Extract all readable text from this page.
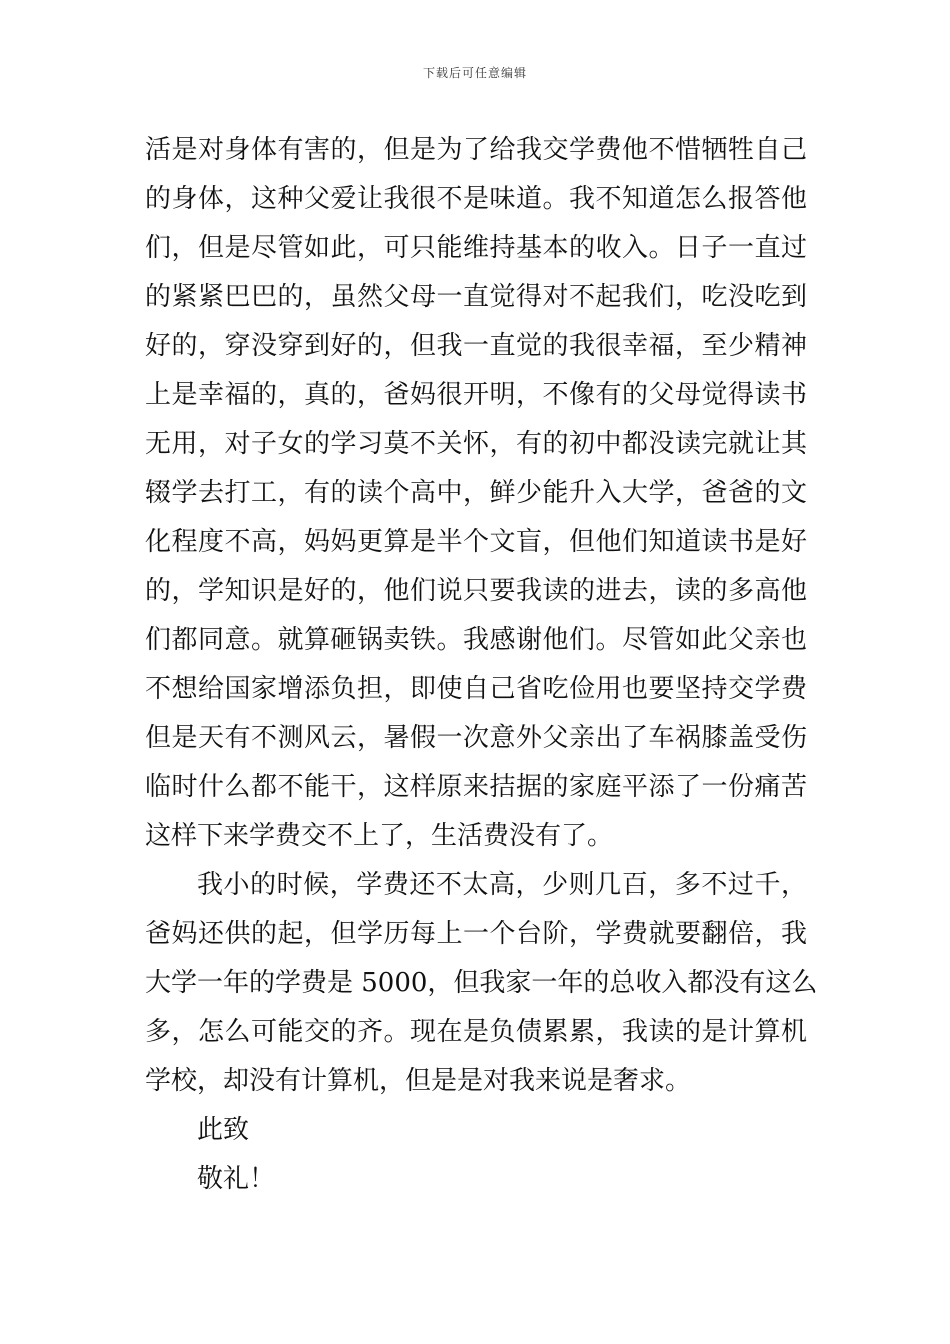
下载后可任意编辑
活是对身体有害的，但是为了给我交学费他不惜牺牲自己
的身体，这种父爱让我很不是味道。我不知道怎么报答他
们，但是尽管如此，可只能维持基本的收入。日子一直过
的紧紧巴巴的，虽然父母一直觉得对不起我们，吃没吃到
好的，穿没穿到好的，但我一直觉的我很幸福，至少精神
上是幸福的，真的，爸妈很开明，不像有的父母觉得读书
无用，对子女的学习莫不关怀，有的初中都没读完就让其
辍学去打工，有的读个高中，鲜少能升入大学，爸爸的文
化程度不高，妈妈更算是半个文盲，但他们知道读书是好
的，学知识是好的，他们说只要我读的进去，读的多高他
们都同意。就算砸锅卖铁。我感谢他们。尽管如此父亲也
不想给国家增添负担，即使自己省吃俭用也要坚持交学费
但是天有不测风云，暑假一次意外父亲出了车祸膝盖受伤
临时什么都不能干，这样原来拮据的家庭平添了一份痛苦
这样下来学费交不上了，生活费没有了。
我小的时候，学费还不太高，少则几百，多不过千，
爸妈还供的起，但学历每上一个台阶，学费就要翻倍，我
大学一年的学费是 5000，但我家一年的总收入都没有这么
多，怎么可能交的齐。现在是负债累累，我读的是计算机
学校，却没有计算机，但是是对我来说是奢求。
此致
敬礼！
